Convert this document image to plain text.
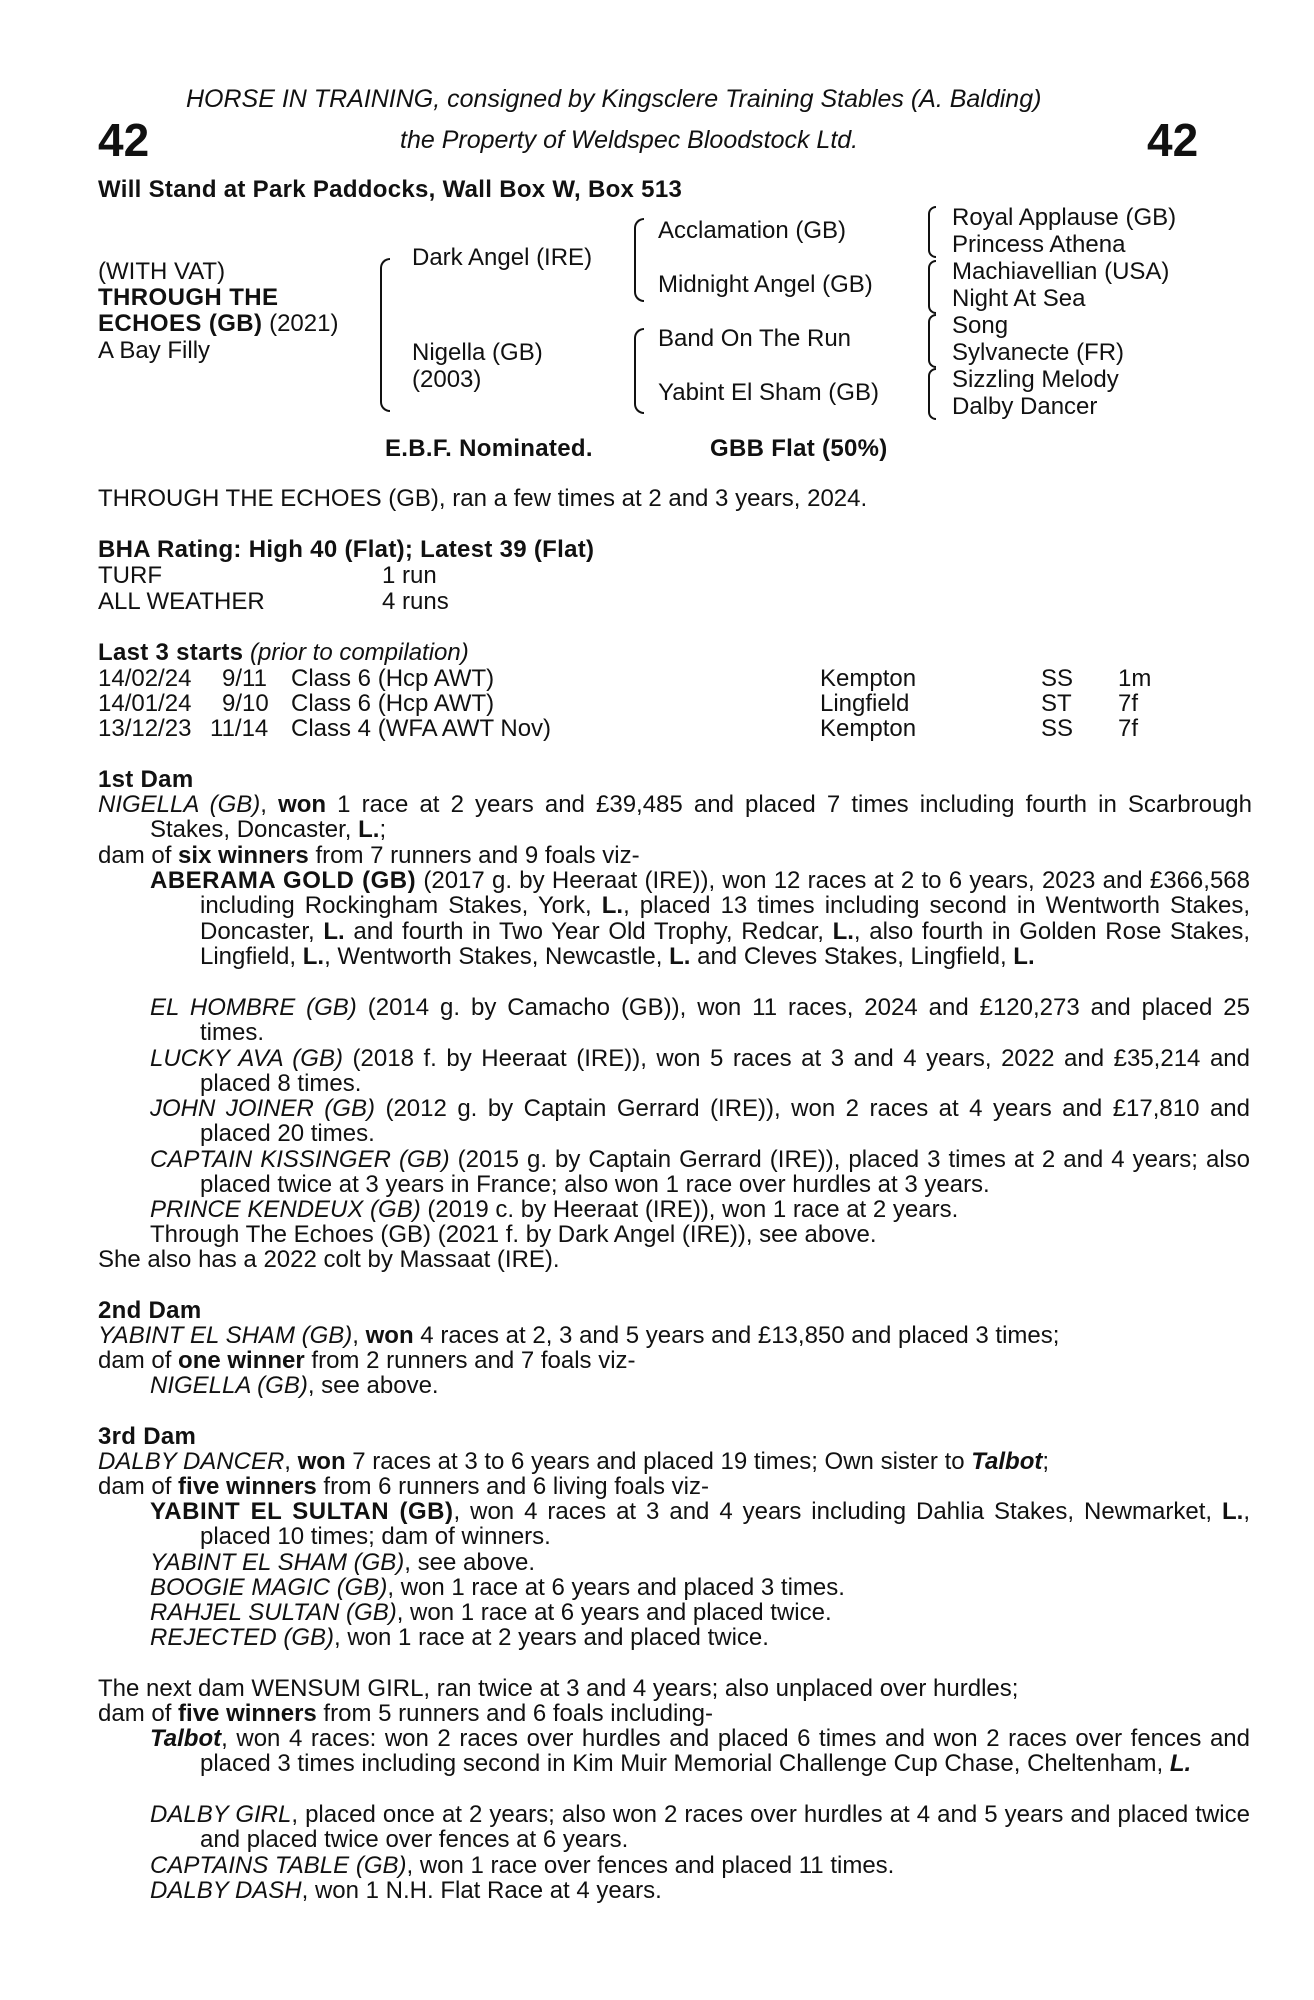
HORSE IN TRAINING, consigned by Kingsclere Training Stables (A. Balding)
42	the Property of Weldspec Bloodstock Ltd.	42
Will Stand at Park Paddocks, Wall Box W, Box 513
(WITH VAT)
THROUGH THE
ECHOES (GB) (2021)
A Bay Filly
Dark Angel (IRE)
Nigella (GB)
(2003)
Acclamation (GB)
Midnight Angel (GB)
Band On The Run
Yabint El Sham (GB)
Royal Applause (GB)
Princess Athena
Machiavellian (USA)
Night At Sea
Song
Sylvanecte (FR)
Sizzling Melody
Dalby Dancer
E.B.F. Nominated.	GBB Flat (50%)
THROUGH THE ECHOES (GB), ran a few times at 2 and 3 years, 2024.
BHA Rating: High 40 (Flat); Latest 39 (Flat)
TURF	1 run
ALL WEATHER	4 runs
Last 3 starts (prior to compilation)
14/02/24 9/11 Class 6 (Hcp AWT)	Kempton	SS 1m
14/01/24 9/10 Class 6 (Hcp AWT)	Lingfield	ST 7f
13/12/23 11/14 Class 4 (WFA AWT Nov)	Kempton	SS 7f
1st Dam
NIGELLA (GB), won 1 race at 2 years and £39,485 and placed 7 times including fourth in Scarbrough Stakes, Doncaster, L.;
dam of six winners from 7 runners and 9 foals viz-
ABERAMA GOLD (GB) (2017 g. by Heeraat (IRE)), won 12 races at 2 to 6 years, 2023 and £366,568 including Rockingham Stakes, York, L., placed 13 times including second in Wentworth Stakes, Doncaster, L. and fourth in Two Year Old Trophy, Redcar, L., also fourth in Golden Rose Stakes, Lingfield, L., Wentworth Stakes, Newcastle, L. and Cleves Stakes, Lingfield, L.
EL HOMBRE (GB) (2014 g. by Camacho (GB)), won 11 races, 2024 and £120,273 and placed 25 times.
LUCKY AVA (GB) (2018 f. by Heeraat (IRE)), won 5 races at 3 and 4 years, 2022 and £35,214 and placed 8 times.
JOHN JOINER (GB) (2012 g. by Captain Gerrard (IRE)), won 2 races at 4 years and £17,810 and placed 20 times.
CAPTAIN KISSINGER (GB) (2015 g. by Captain Gerrard (IRE)), placed 3 times at 2 and 4 years; also placed twice at 3 years in France; also won 1 race over hurdles at 3 years.
PRINCE KENDEUX (GB) (2019 c. by Heeraat (IRE)), won 1 race at 2 years.
Through The Echoes (GB) (2021 f. by Dark Angel (IRE)), see above.
She also has a 2022 colt by Massaat (IRE).
2nd Dam
YABINT EL SHAM (GB), won 4 races at 2, 3 and 5 years and £13,850 and placed 3 times;
dam of one winner from 2 runners and 7 foals viz-
NIGELLA (GB), see above.
3rd Dam
DALBY DANCER, won 7 races at 3 to 6 years and placed 19 times; Own sister to Talbot;
dam of five winners from 6 runners and 6 living foals viz-
YABINT EL SULTAN (GB), won 4 races at 3 and 4 years including Dahlia Stakes, Newmarket, L., placed 10 times; dam of winners.
YABINT EL SHAM (GB), see above.
BOOGIE MAGIC (GB), won 1 race at 6 years and placed 3 times.
RAHJEL SULTAN (GB), won 1 race at 6 years and placed twice.
REJECTED (GB), won 1 race at 2 years and placed twice.
The next dam WENSUM GIRL, ran twice at 3 and 4 years; also unplaced over hurdles;
dam of five winners from 5 runners and 6 foals including-
Talbot, won 4 races: won 2 races over hurdles and placed 6 times and won 2 races over fences and placed 3 times including second in Kim Muir Memorial Challenge Cup Chase, Cheltenham, L.
DALBY GIRL, placed once at 2 years; also won 2 races over hurdles at 4 and 5 years and placed twice and placed twice over fences at 6 years.
CAPTAINS TABLE (GB), won 1 race over fences and placed 11 times.
DALBY DASH, won 1 N.H. Flat Race at 4 years.
